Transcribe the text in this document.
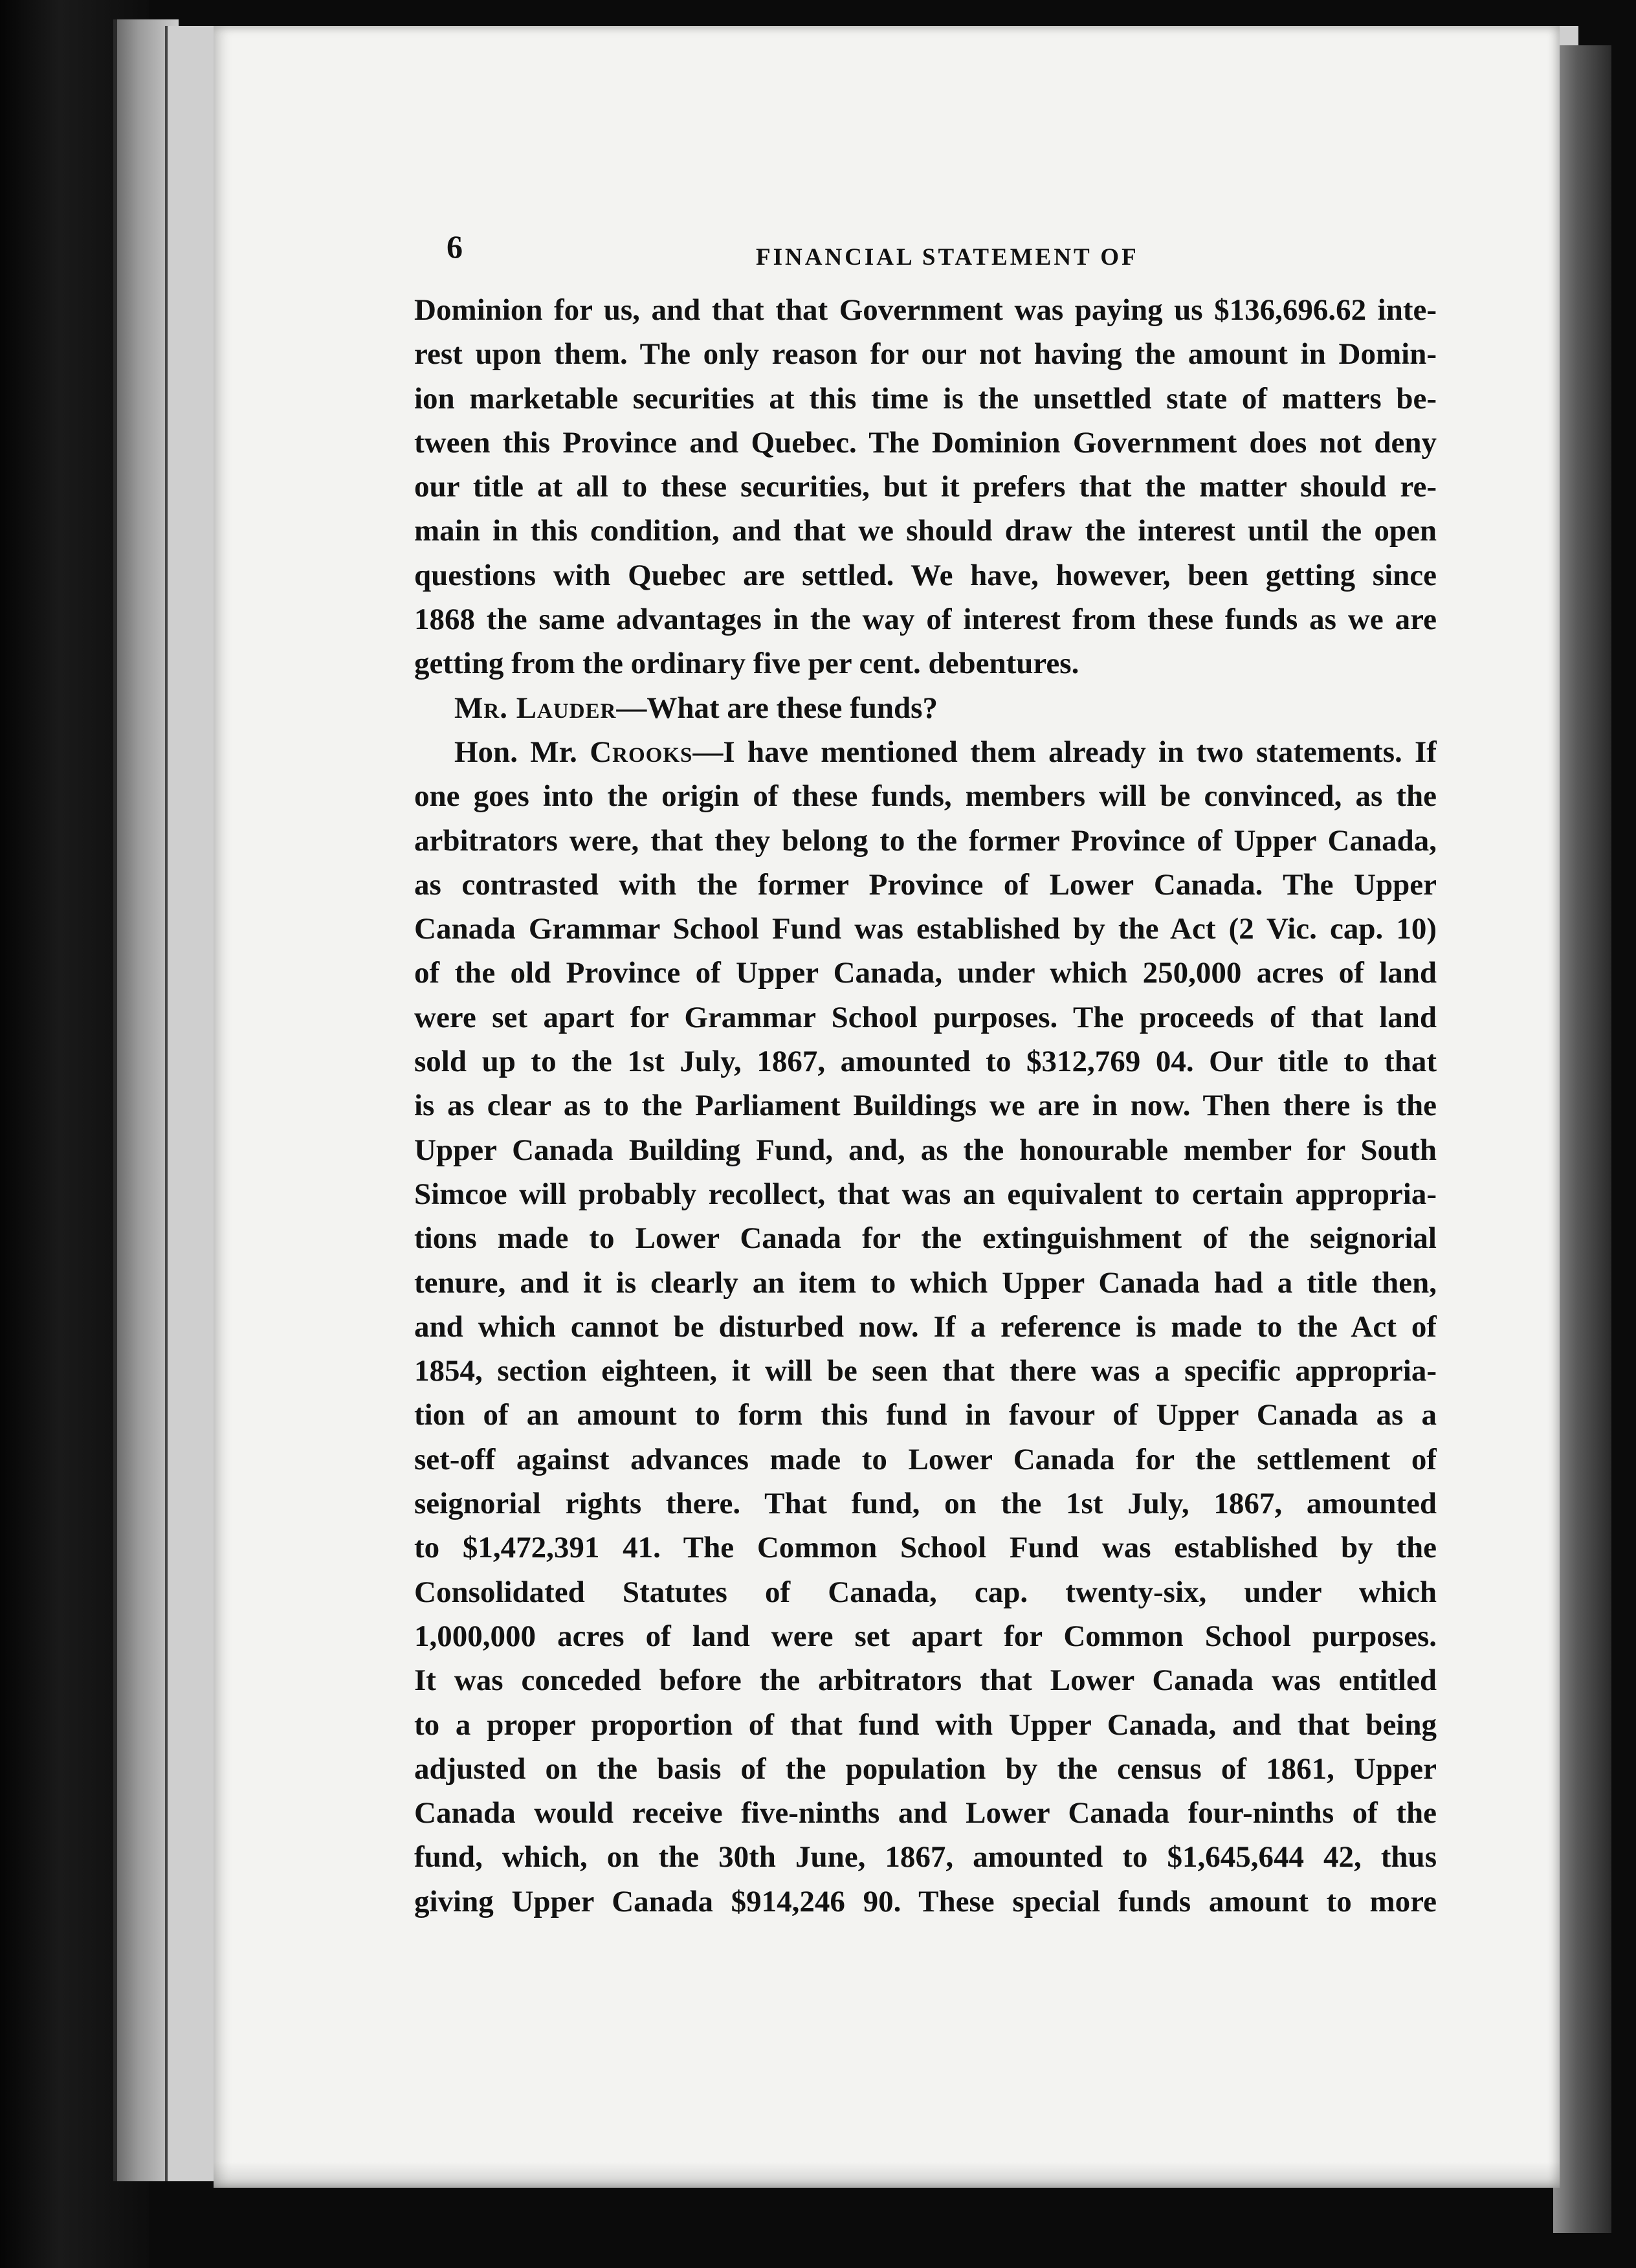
6	FINANCIAL STATEMENT OF
Dominion for us, and that that Government was paying us $136,696.62 inte-
rest upon them. The only reason for our not having the amount in Domin-
ion marketable securities at this time is the unsettled state of matters be-
tween this Province and Quebec. The Dominion Government does not deny
our title at all to these securities, but it prefers that the matter should re-
main in this condition, and that we should draw the interest until the open
questions with Quebec are settled. We have, however, been getting since
1868 the same advantages in the way of interest from these funds as we are
getting from the ordinary five per cent. debentures.
Mr. Lauder—What are these funds?
Hon. Mr. Crooks—I have mentioned them already in two statements. If
one goes into the origin of these funds, members will be convinced, as the
arbitrators were, that they belong to the former Province of Upper Canada,
as contrasted with the former Province of Lower Canada. The Upper
Canada Grammar School Fund was established by the Act (2 Vic. cap. 10)
of the old Province of Upper Canada, under which 250,000 acres of land
were set apart for Grammar School purposes. The proceeds of that land
sold up to the 1st July, 1867, amounted to $312,769 04. Our title to that
is as clear as to the Parliament Buildings we are in now. Then there is the
Upper Canada Building Fund, and, as the honourable member for South
Simcoe will probably recollect, that was an equivalent to certain appropria-
tions made to Lower Canada for the extinguishment of the seignorial
tenure, and it is clearly an item to which Upper Canada had a title then,
and which cannot be disturbed now. If a reference is made to the Act of
1854, section eighteen, it will be seen that there was a specific appropria-
tion of an amount to form this fund in favour of Upper Canada as a
set-off against advances made to Lower Canada for the settlement of
seignorial rights there. That fund, on the 1st July, 1867, amounted
to $1,472,391 41. The Common School Fund was established by the
Consolidated Statutes of Canada, cap. twenty-six, under which
1,000,000 acres of land were set apart for Common School purposes.
It was conceded before the arbitrators that Lower Canada was entitled
to a proper proportion of that fund with Upper Canada, and that being
adjusted on the basis of the population by the census of 1861, Upper
Canada would receive five-ninths and Lower Canada four-ninths of the
fund, which, on the 30th June, 1867, amounted to $1,645,644 42, thus
giving Upper Canada $914,246 90. These special funds amount to more
